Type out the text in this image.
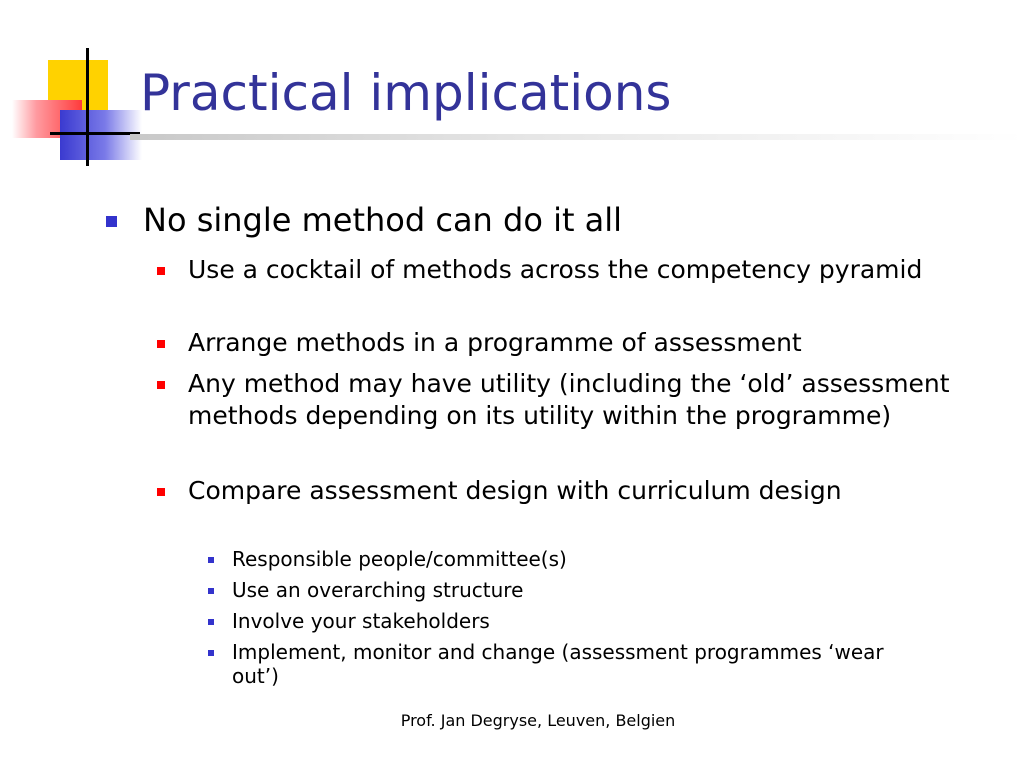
Practical implications
No single method can do it all
Use a cocktail of methods across the competency pyramid
Arrange methods in a programme of assessment
Any method may have utility (including the ‘old’ assessment methods depending on its utility within the programme)
Compare assessment design with curriculum design
Responsible people/committee(s)
Use an overarching structure
Involve your stakeholders
Implement, monitor and change (assessment programmes ‘wear out’)
Prof. Jan Degryse, Leuven, Belgien
